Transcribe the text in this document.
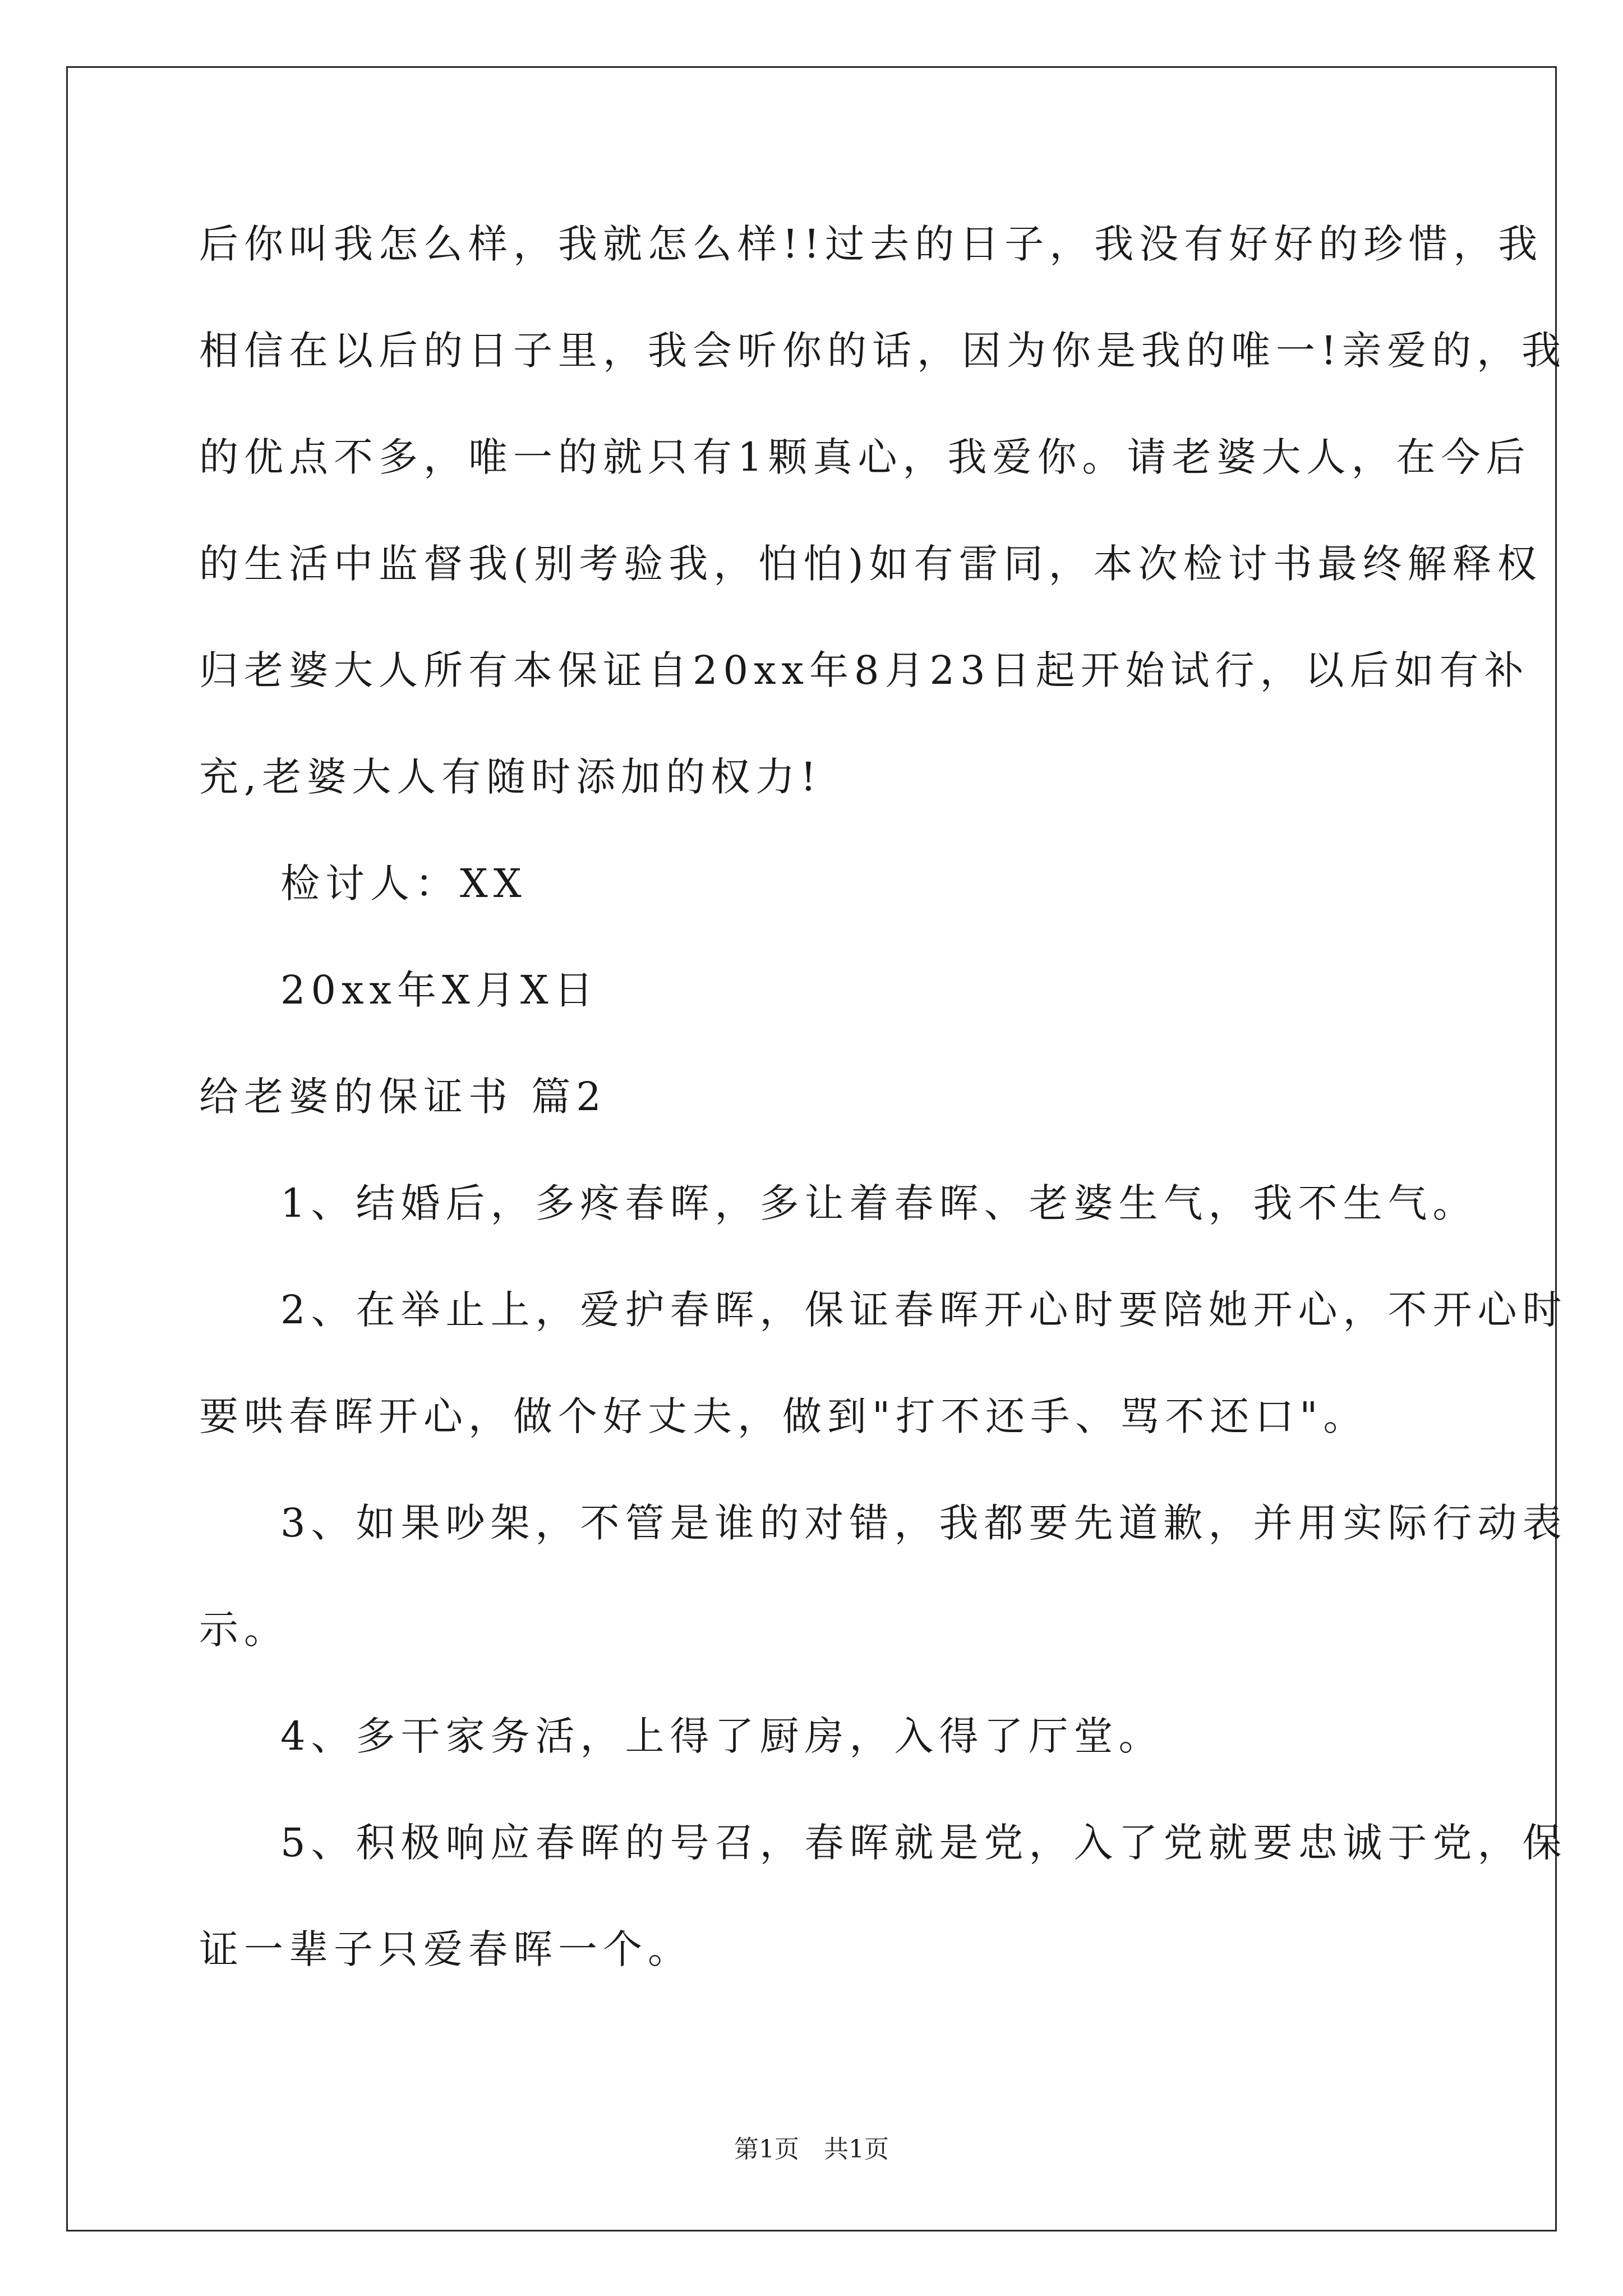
后你叫我怎么样，我就怎么样!!过去的日子，我没有好好的珍惜，我
相信在以后的日子里，我会听你的话，因为你是我的唯一!亲爱的，我
的优点不多，唯一的就只有1颗真心，我爱你。请老婆大人，在今后
的生活中监督我(别考验我，怕怕)如有雷同，本次检讨书最终解释权
归老婆大人所有本保证自20xx年8月23日起开始试行，以后如有补
充,老婆大人有随时添加的权力!
检讨人：XX
20xx年X月X日
给老婆的保证书 篇2
1、结婚后，多疼春晖，多让着春晖、老婆生气，我不生气。
2、在举止上，爱护春晖，保证春晖开心时要陪她开心，不开心时
要哄春晖开心，做个好丈夫，做到"打不还手、骂不还口"。
3、如果吵架，不管是谁的对错，我都要先道歉，并用实际行动表
示。
4、多干家务活，上得了厨房，入得了厅堂。
5、积极响应春晖的号召，春晖就是党，入了党就要忠诚于党，保
证一辈子只爱春晖一个。
第1页　共1页
